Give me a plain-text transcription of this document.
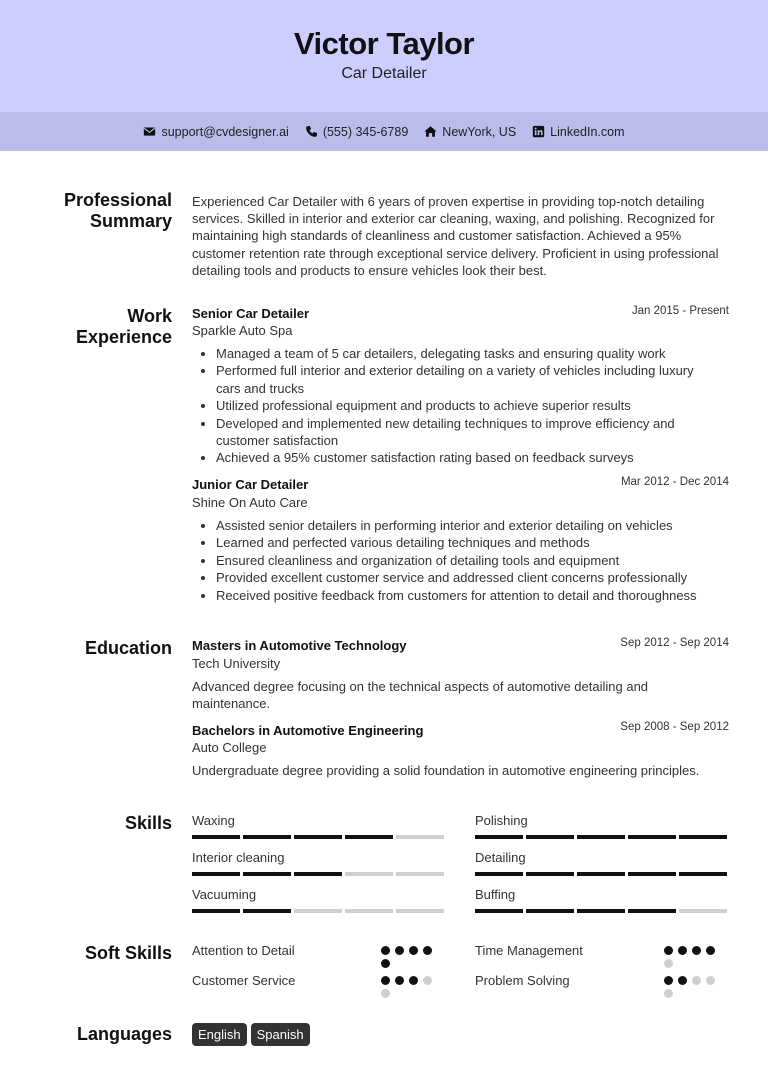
Victor Taylor
Car Detailer
support@cvdesigner.ai	(555) 345-6789	NewYork, US	LinkedIn.com
Professional
Summary
Experienced Car Detailer with 6 years of proven expertise in providing top-notch detailing services. Skilled in interior and exterior car cleaning, waxing, and polishing. Recognized for maintaining high standards of cleanliness and customer satisfaction. Achieved a 95% customer retention rate through exceptional service delivery. Proficient in using professional detailing tools and products to ensure vehicles look their best.
Work
Experience
Senior Car Detailer	Jan 2015 - Present
Sparkle Auto Spa
• Managed a team of 5 car detailers, delegating tasks and ensuring quality work
• Performed full interior and exterior detailing on a variety of vehicles including luxury cars and trucks
• Utilized professional equipment and products to achieve superior results
• Developed and implemented new detailing techniques to improve efficiency and customer satisfaction
• Achieved a 95% customer satisfaction rating based on feedback surveys
Junior Car Detailer	Mar 2012 - Dec 2014
Shine On Auto Care
• Assisted senior detailers in performing interior and exterior detailing on vehicles
• Learned and perfected various detailing techniques and methods
• Ensured cleanliness and organization of detailing tools and equipment
• Provided excellent customer service and addressed client concerns professionally
• Received positive feedback from customers for attention to detail and thoroughness
Education Masters in Automotive Technology	Sep 2012 - Sep 2014
Tech University
Advanced degree focusing on the technical aspects of automotive detailing and maintenance.
Bachelors in Automotive Engineering	Sep 2008 - Sep 2012
Auto College
Undergraduate degree providing a solid foundation in automotive engineering principles.
Skills Waxing	Polishing
Interior cleaning	Detailing
Vacuuming	Buffing
Soft Skills Attention to Detail	Time Management
Customer Service	Problem Solving
Languages	English	Spanish
